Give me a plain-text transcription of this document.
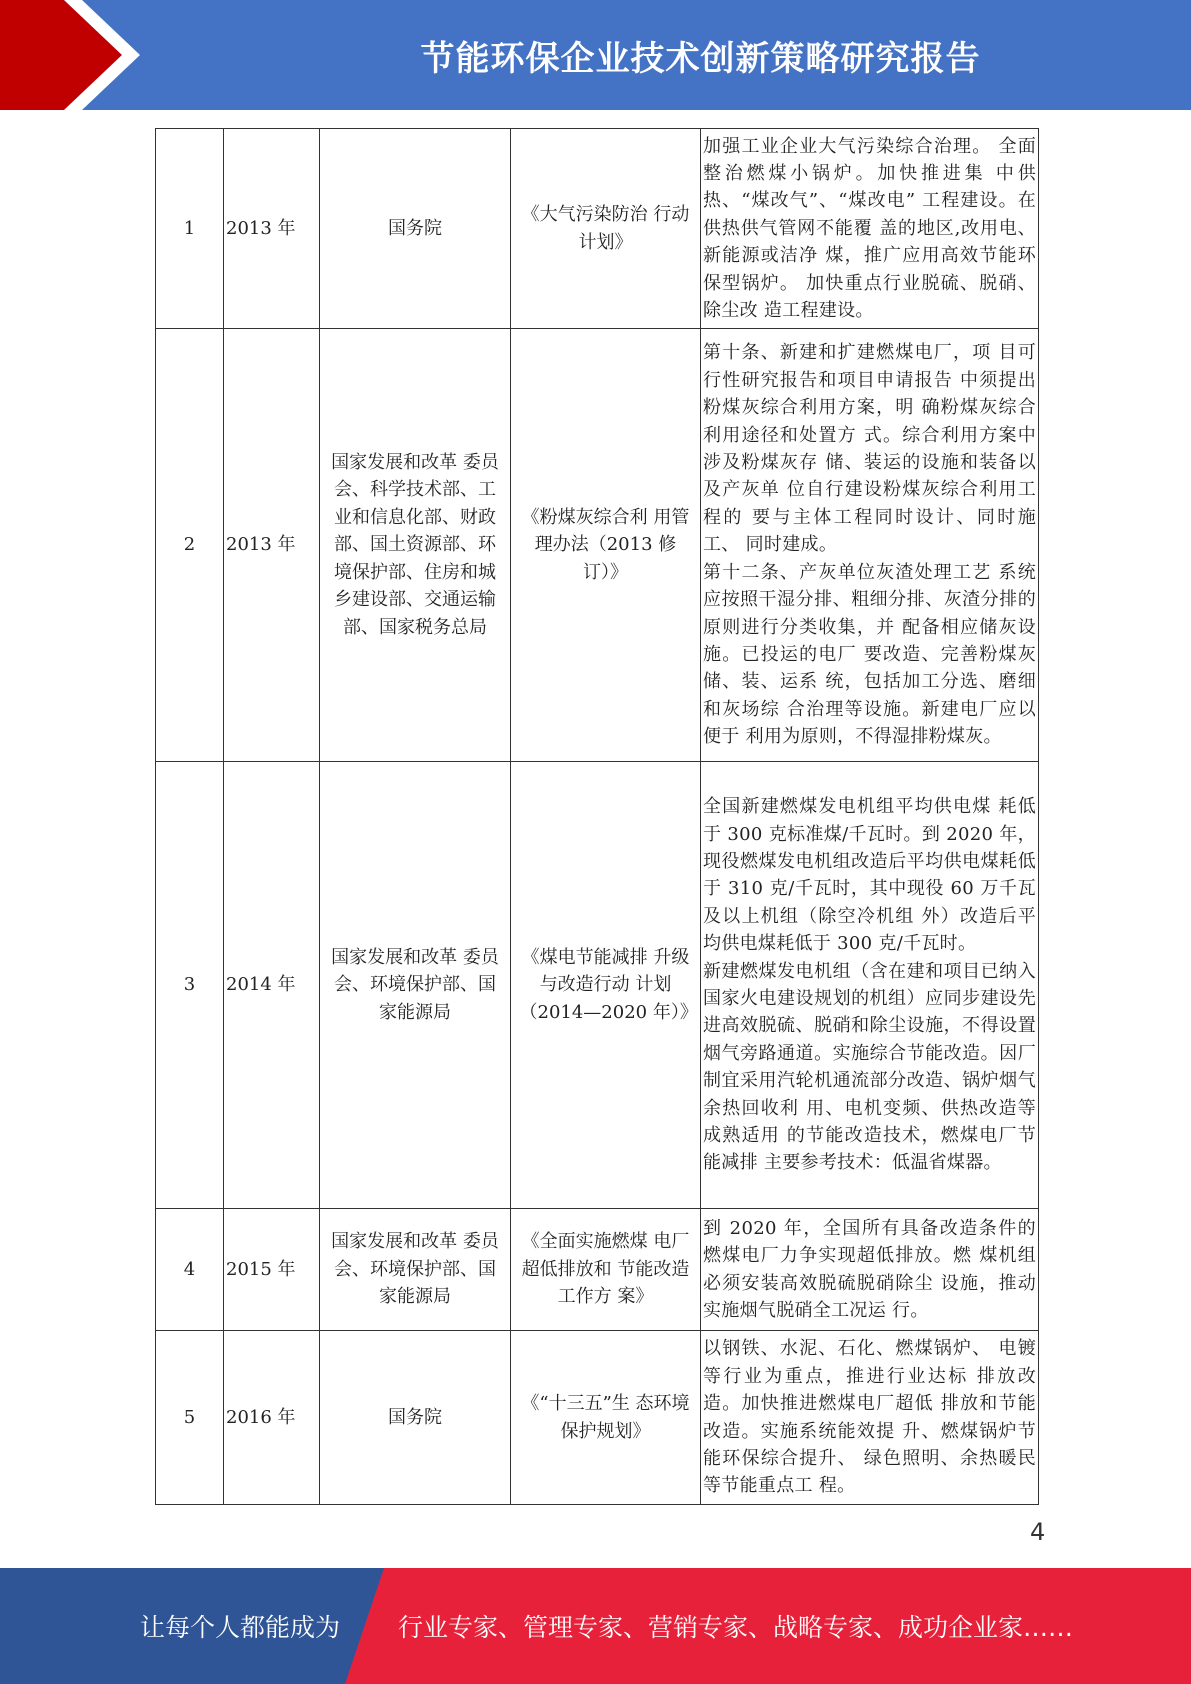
节能环保企业技术创新策略研究报告
1	2013 年	国务院	《大气污染防治 行动计划》	加强工业企业大气污染综合治理。 全面整治燃煤小锅炉。加快推进集 中供热、“煤改气”、“煤改电” 工程建设。在供热供气管网不能覆 盖的地区,改用电、新能源或洁净 煤，推广应用高效节能环保型锅炉。 加快重点行业脱硫、脱硝、除尘改 造工程建设。

2	2013 年	国家发展和改革 委员会、科学技术部、工业和信息化部、财政部、国土资源部、环境保护部、住房和城乡建设部、交通运输部、国家税务总局	《粉煤灰综合利 用管理办法（2013 修订）》	第十条、新建和扩建燃煤电厂，项 目可行性研究报告和项目申请报告 中须提出粉煤灰综合利用方案，明 确粉煤灰综合利用途径和处置方 式。综合利用方案中涉及粉煤灰存 储、装运的设施和装备以及产灰单 位自行建设粉煤灰综合利用工程的 要与主体工程同时设计、同时施工、 同时建成。
第十二条、产灰单位灰渣处理工艺 系统应按照干湿分排、粗细分排、灰渣分排的原则进行分类收集，并 配备相应储灰设施。已投运的电厂 要改造、完善粉煤灰储、装、运系 统，包括加工分选、磨细和灰场综 合治理等设施。新建电厂应以便于 利用为原则，不得湿排粉煤灰。

3	2014 年	国家发展和改革 委员会、环境保护部、国家能源局	《煤电节能减排 升级与改造行动 计划（2014—2020 年）》	全国新建燃煤发电机组平均供电煤 耗低于 300 克标准煤/千瓦时。到 2020 年，现役燃煤发电机组改造后平均供电煤耗低于 310 克/千瓦时，其中现役 60 万千瓦及以上机组（除空冷机组 外）改造后平均供电煤耗低于 300 克/千瓦时。
新建燃煤发电机组（含在建和项目已纳入国家火电建设规划的机组）应同步建设先进高效脱硫、脱硝和除尘设施，不得设置烟气旁路通道。实施综合节能改造。因厂制宜采用汽轮机通流部分改造、锅炉烟气余热回收利 用、电机变频、供热改造等成熟适用 的节能改造技术，燃煤电厂节能减排 主要参考技术：低温省煤器。

4	2015 年	国家发展和改革 委员会、环境保护部、国家能源局	《全面实施燃煤 电厂超低排放和 节能改造工作方 案》	到 2020 年，全国所有具备改造条件的燃煤电厂力争实现超低排放。燃 煤机组必须安装高效脱硫脱硝除尘 设施，推动实施烟气脱硝全工况运 行。

5	2016 年	国务院	《“十三五”生 态环境保护规划》	以钢铁、水泥、石化、燃煤锅炉、 电镀等行业为重点，推进行业达标 排放改造。加快推进燃煤电厂超低 排放和节能改造。实施系统能效提 升、燃煤锅炉节能环保综合提升、 绿色照明、余热暖民等节能重点工 程。
4
让每个人都能成为 行业专家、管理专家、营销专家、战略专家、成功企业家……
